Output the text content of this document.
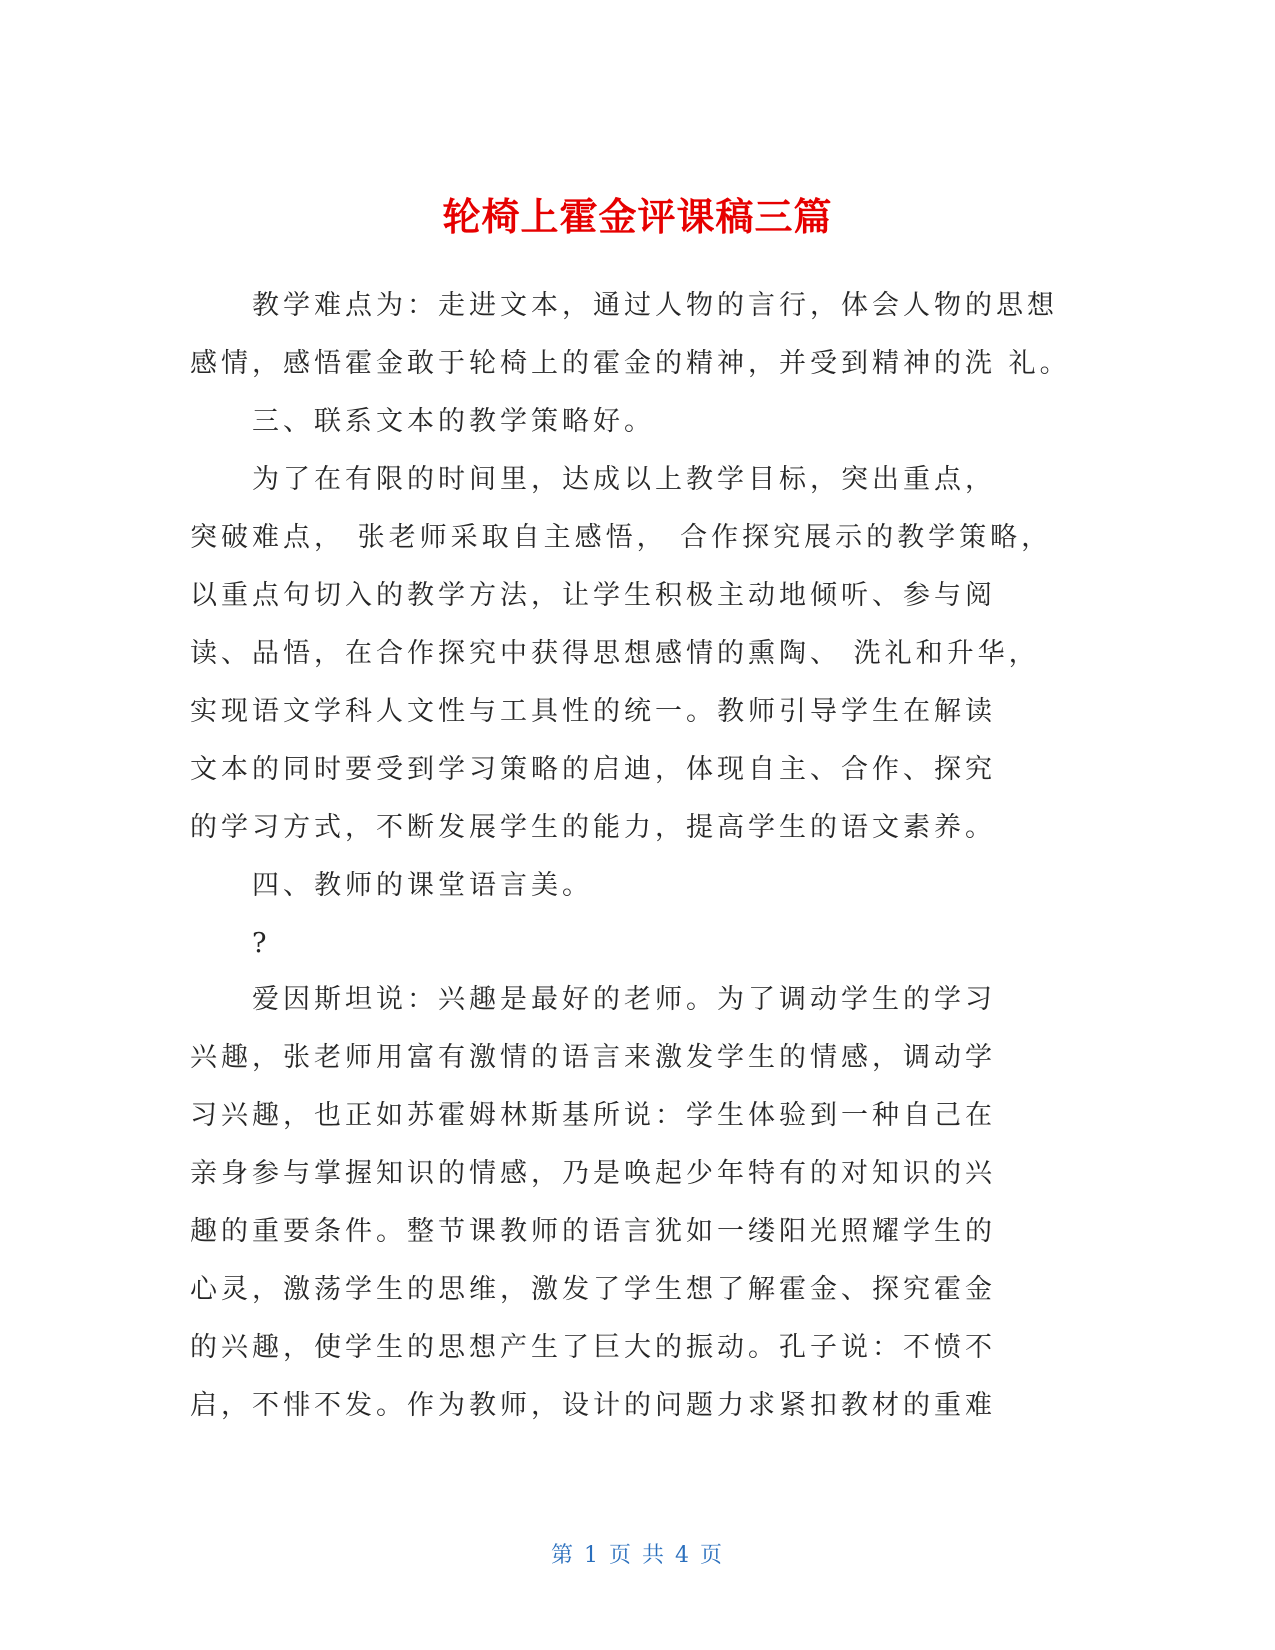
轮椅上霍金评课稿三篇
教学难点为：走进文本，通过人物的言行，体会人物的思想
感情，感悟霍金敢于轮椅上的霍金的精神，并受到精神的洗 礼。
三、联系文本的教学策略好。
为了在有限的时间里，达成以上教学目标，突出重点，
突破难点， 张老师采取自主感悟， 合作探究展示的教学策略，
以重点句切入的教学方法，让学生积极主动地倾听、参与阅
读、品悟，在合作探究中获得思想感情的熏陶、 洗礼和升华，
实现语文学科人文性与工具性的统一。教师引导学生在解读
文本的同时要受到学习策略的启迪，体现自主、合作、探究
的学习方式，不断发展学生的能力，提高学生的语文素养。
四、教师的课堂语言美。
?
爱因斯坦说：兴趣是最好的老师。为了调动学生的学习
兴趣，张老师用富有激情的语言来激发学生的情感，调动学
习兴趣，也正如苏霍姆林斯基所说：学生体验到一种自己在
亲身参与掌握知识的情感，乃是唤起少年特有的对知识的兴
趣的重要条件。整节课教师的语言犹如一缕阳光照耀学生的
心灵，激荡学生的思维，激发了学生想了解霍金、探究霍金
的兴趣，使学生的思想产生了巨大的振动。孔子说：不愤不
启，不悱不发。作为教师，设计的问题力求紧扣教材的重难
第 1 页 共 4 页
